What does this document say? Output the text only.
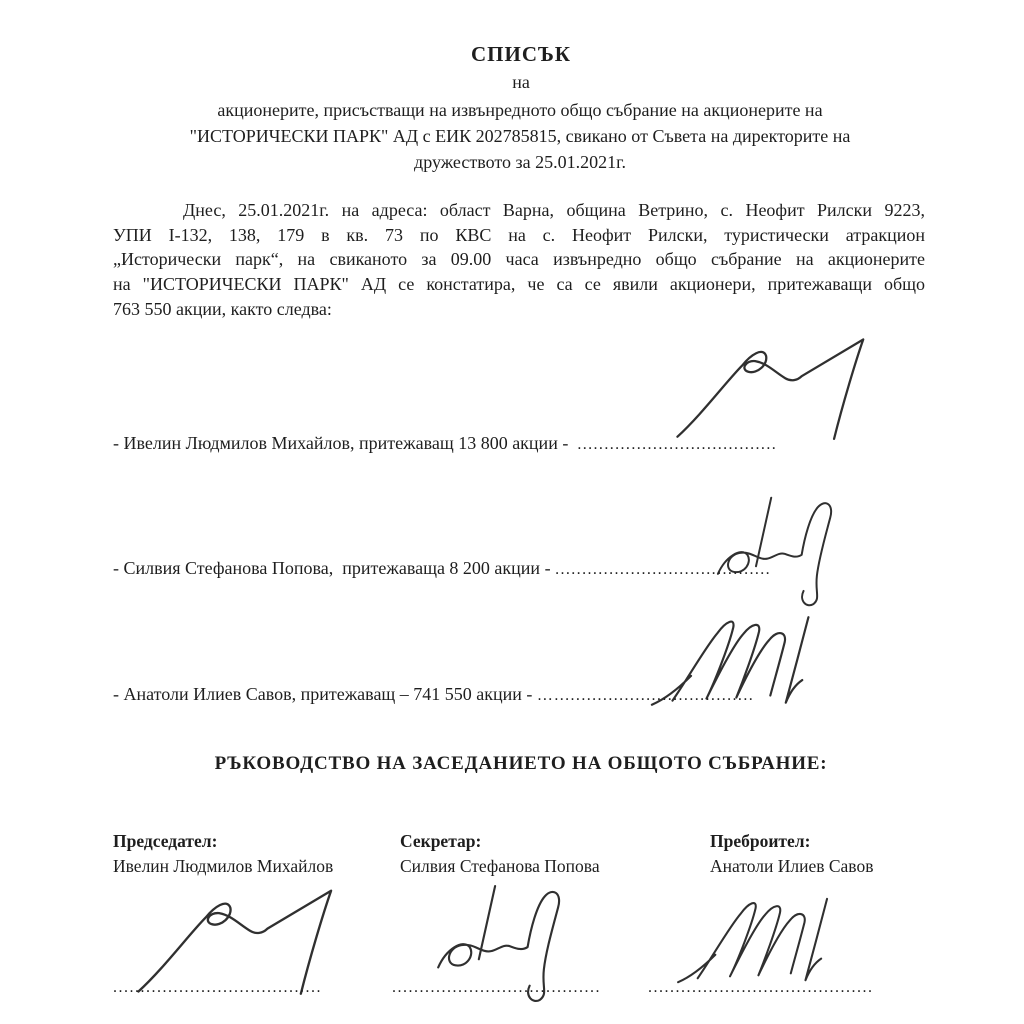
СПИСЪК
на
акционерите, присъстващи на извънредното общо събрание на акционерите на
"ИСТОРИЧЕСКИ ПАРК" АД с ЕИК 202785815, свикано от Съвета на директорите на
дружеството за 25.01.2021г.
Днес, 25.01.2021г. на адреса: област Варна, община Ветрино, с. Неофит Рилски 9223,
УПИ І-132, 138, 179 в кв. 73 по КВС на с. Неофит Рилски, туристически атракцион
„Исторически парк“, на свиканото за 09.00 часа извънредно общо събрание на акционерите
на "ИСТОРИЧЕСКИ ПАРК" АД се констатира, че са се явили акционери, притежаващи общо
763 550 акции, както следва:
- Ивелин Людмилов Михайлов, притежаващ 13 800 акции -  .....................................
- Силвия Стефанова Попова,  притежаваща 8 200 акции - ........................................
- Анатоли Илиев Савов, притежаващ – 741 550 акции - ….....................................
РЪКОВОДСТВО НА ЗАСЕДАНИЕТО НА ОБЩОТО СЪБРАНИЕ:
Председател:
Ивелин Людмилов Михайлов
Секретар:
Силвия Стефанова Попова
Преброител:
Анатоли Илиев Савов
......................................	......................................	.........................................
